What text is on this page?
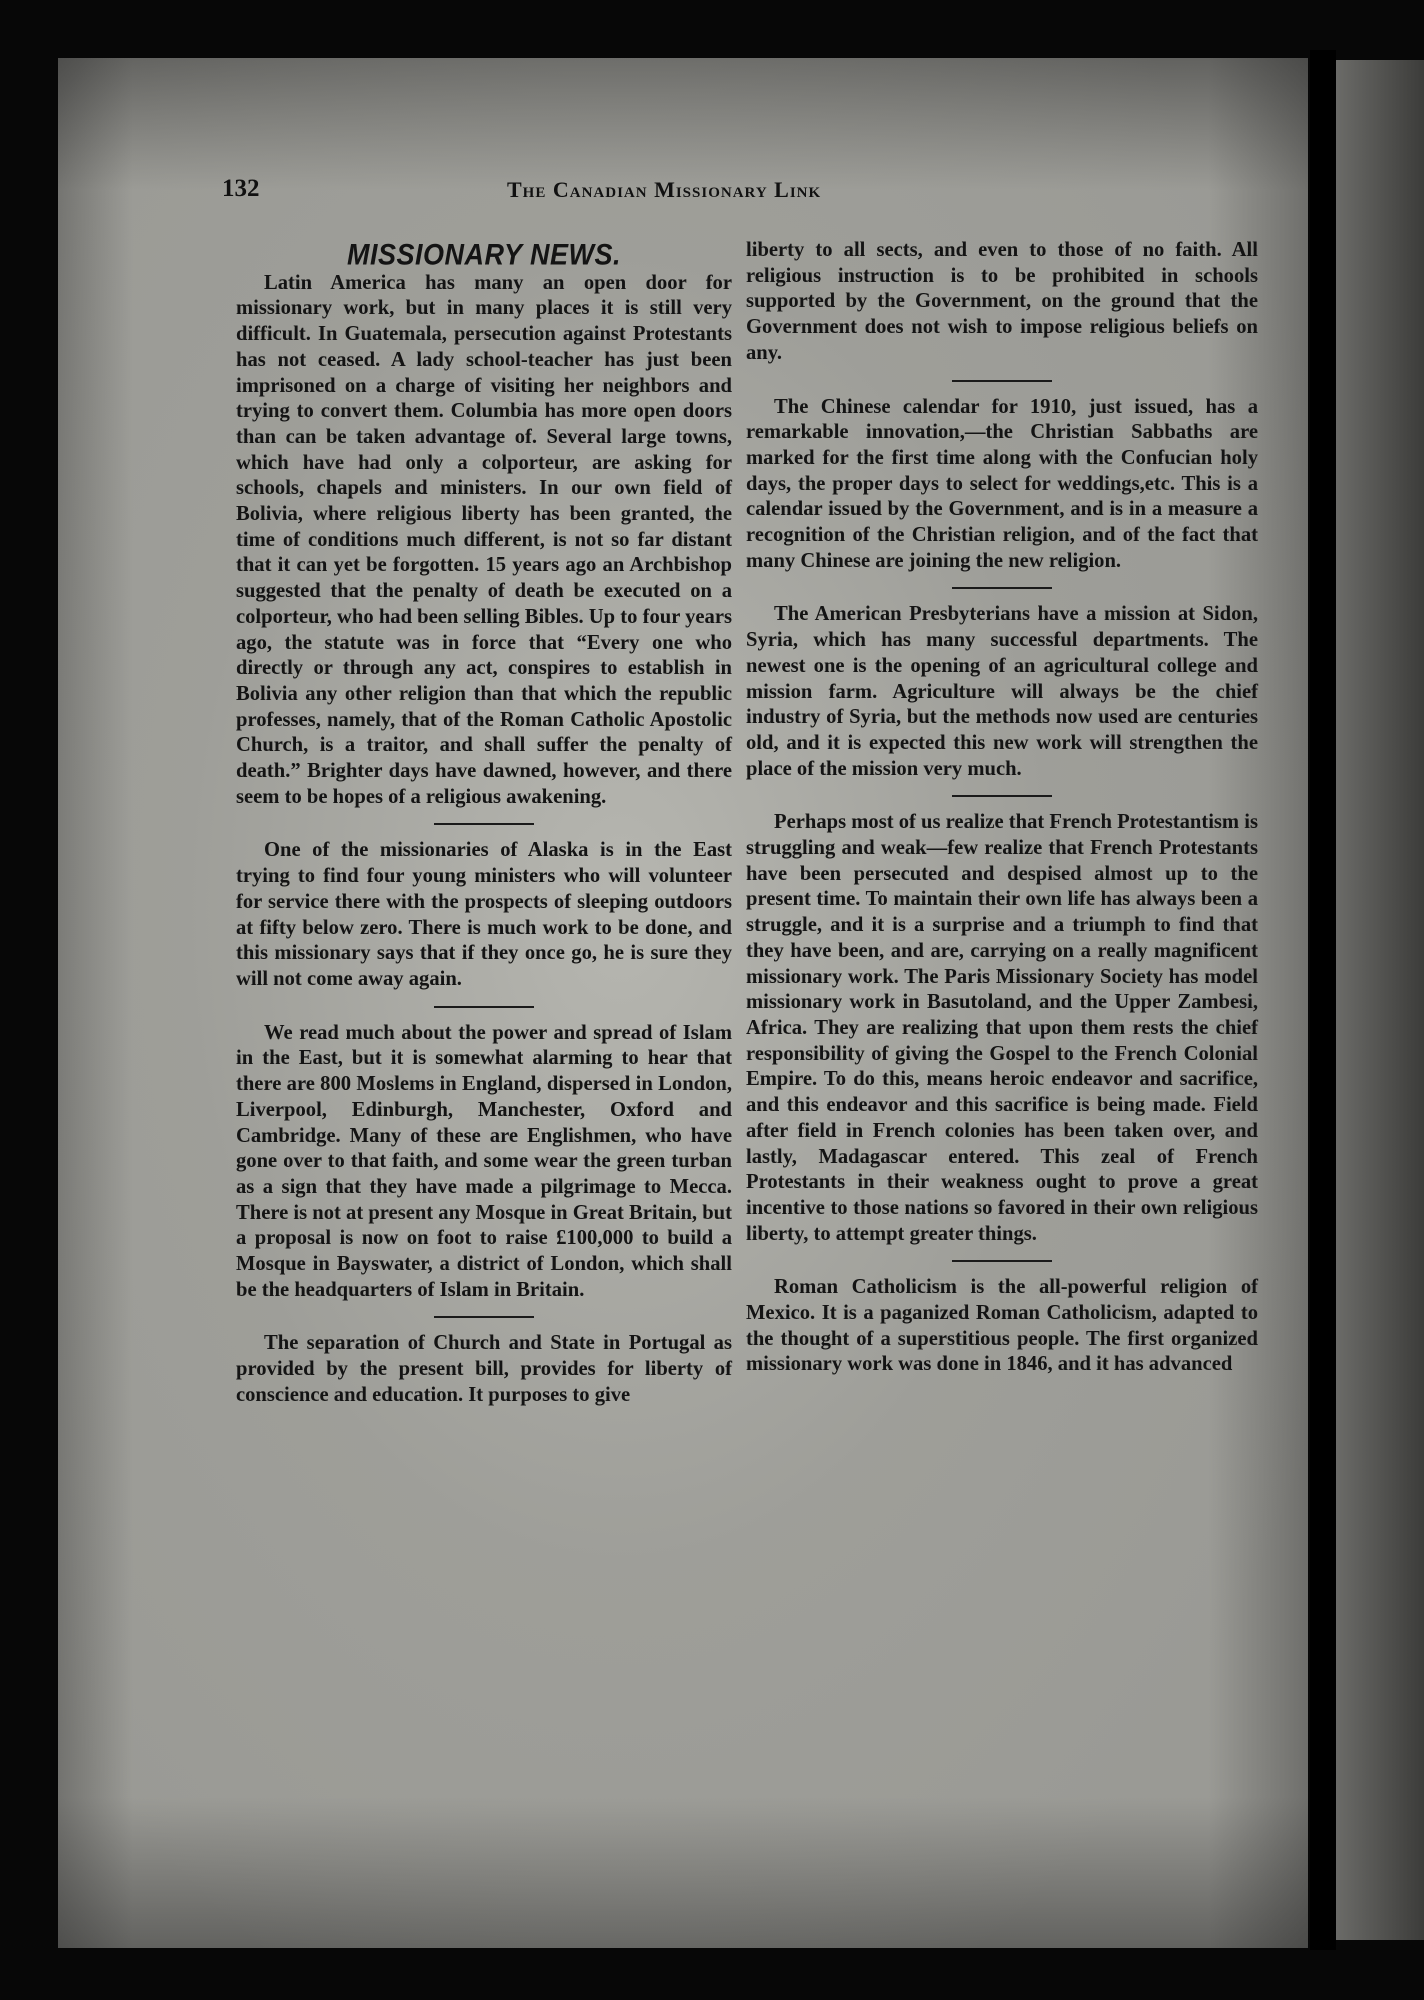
132	The Canadian Missionary Link
MISSIONARY NEWS.

Latin America has many an open door for missionary work, but in many places it is still very difficult. In Guatemala, persecution against Protestants has not ceased. A lady school-teacher has just been imprisoned on a charge of visiting her neighbors and trying to convert them. Columbia has more open doors than can be taken advantage of. Several large towns, which have had only a colporteur, are asking for schools, chapels and ministers. In our own field of Bolivia, where religious liberty has been granted, the time of conditions much different, is not so far distant that it can yet be forgotten. 15 years ago an Archbishop suggested that the penalty of death be executed on a colporteur, who had been selling Bibles. Up to four years ago, the statute was in force that “Every one who directly or through any act, conspires to establish in Bolivia any other religion than that which the republic professes, namely, that of the Roman Catholic Apostolic Church, is a traitor, and shall suffer the penalty of death.” Brighter days have dawned, however, and there seem to be hopes of a religious awakening.

One of the missionaries of Alaska is in the East trying to find four young ministers who will volunteer for service there with the prospects of sleeping outdoors at fifty below zero. There is much work to be done, and this missionary says that if they once go, he is sure they will not come away again.

We read much about the power and spread of Islam in the East, but it is somewhat alarming to hear that there are 800 Moslems in England, dispersed in London, Liverpool, Edinburgh, Manchester, Oxford and Cambridge. Many of these are Englishmen, who have gone over to that faith, and some wear the green turban as a sign that they have made a pilgrimage to Mecca. There is not at present any Mosque in Great Britain, but a proposal is now on foot to raise £100,000 to build a Mosque in Bayswater, a district of London, which shall be the headquarters of Islam in Britain.

The separation of Church and State in Portugal as provided by the present bill, provides for liberty of conscience and education. It purposes to give

liberty to all sects, and even to those of no faith. All religious instruction is to be prohibited in schools supported by the Government, on the ground that the Government does not wish to impose religious beliefs on any.

The Chinese calendar for 1910, just issued, has a remarkable innovation,—the Christian Sabbaths are marked for the first time along with the Confucian holy days, the proper days to select for weddings,etc. This is a calendar issued by the Government, and is in a measure a recognition of the Christian religion, and of the fact that many Chinese are joining the new religion.

The American Presbyterians have a mission at Sidon, Syria, which has many successful departments. The newest one is the opening of an agricultural college and mission farm. Agriculture will always be the chief industry of Syria, but the methods now used are centuries old, and it is expected this new work will strengthen the place of the mission very much.

Perhaps most of us realize that French Protestantism is struggling and weak—few realize that French Protestants have been persecuted and despised almost up to the present time. To maintain their own life has always been a struggle, and it is a surprise and a triumph to find that they have been, and are, carrying on a really magnificent missionary work. The Paris Missionary Society has model missionary work in Basutoland, and the Upper Zambesi, Africa. They are realizing that upon them rests the chief responsibility of giving the Gospel to the French Colonial Empire. To do this, means heroic endeavor and sacrifice, and this endeavor and this sacrifice is being made. Field after field in French colonies has been taken over, and lastly, Madagascar entered. This zeal of French Protestants in their weakness ought to prove a great incentive to those nations so favored in their own religious liberty, to attempt greater things.

Roman Catholicism is the all-powerful religion of Mexico. It is a paganized Roman Catholicism, adapted to the thought of a superstitious people. The first organized missionary work was done in 1846, and it has advanced
